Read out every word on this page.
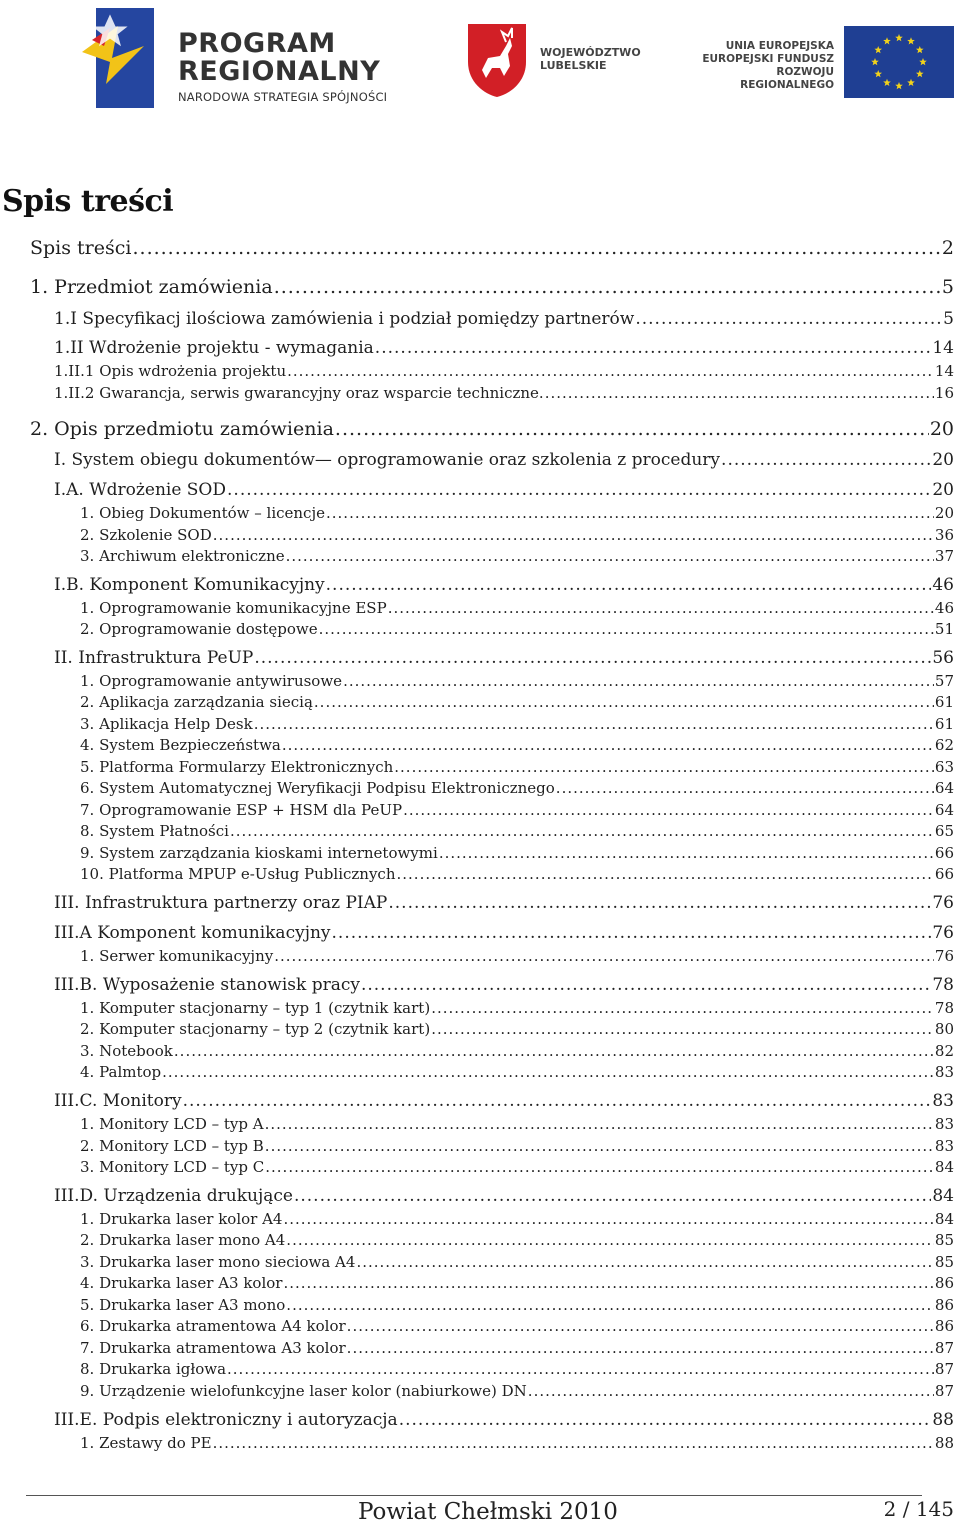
PROGRAM
REGIONALNY
NARODOWA STRATEGIA SPÓJNOŚCI
WOJEWÓDZTWO
LUBELSKIE
UNIA EUROPEJSKA
EUROPEJSKI FUNDUSZ
ROZWOJU REGIONALNEGO
Spis treści
Spis treści .....	2
1. Przedmiot zamówienia .....	5
1.I Specyfikacj ilościowa zamówienia i podział pomiędzy partnerów .....	5
1.II Wdrożenie projektu - wymagania .....	14
1.II.1 Opis wdrożenia projektu .....	14
1.II.2 Gwarancja, serwis gwarancyjny oraz wsparcie techniczne. .....	16
2. Opis przedmiotu zamówienia .....	20
I. System obiegu dokumentów— oprogramowanie oraz szkolenia z procedury .....	20
I.A. Wdrożenie SOD .....	20
1. Obieg Dokumentów – licencje .....	20
2. Szkolenie SOD .....	36
3. Archiwum elektroniczne .....	37
I.B. Komponent Komunikacyjny .....	46
1. Oprogramowanie komunikacyjne ESP .....	46
2. Oprogramowanie dostępowe .....	51
II. Infrastruktura PeUP .....	56
1. Oprogramowanie antywirusowe .....	57
2. Aplikacja zarządzania siecią .....	61
3. Aplikacja Help Desk .....	61
4. System Bezpieczeństwa .....	62
5. Platforma Formularzy Elektronicznych .....	63
6. System Automatycznej Weryfikacji Podpisu Elektronicznego .....	64
7. Oprogramowanie ESP + HSM dla PeUP .....	64
8. System Płatności .....	65
9. System zarządzania kioskami internetowymi .....	66
10. Platforma MPUP e-Usług Publicznych .....	66
III. Infrastruktura partnerzy oraz PIAP .....	76
III.A Komponent komunikacyjny .....	76
1. Serwer komunikacyjny .....	76
III.B. Wyposażenie stanowisk pracy .....	78
1. Komputer stacjonarny – typ 1 (czytnik kart) .....	78
2. Komputer stacjonarny – typ 2 (czytnik kart) .....	80
3. Notebook .....	82
4. Palmtop .....	83
III.C. Monitory .....	83
1. Monitory LCD – typ A .....	83
2. Monitory LCD – typ B .....	83
3. Monitory LCD – typ C .....	84
III.D. Urządzenia drukujące .....	84
1. Drukarka laser kolor A4 .....	84
2. Drukarka laser mono A4 .....	85
3. Drukarka laser mono sieciowa A4 .....	85
4. Drukarka laser A3 kolor .....	86
5. Drukarka laser A3 mono .....	86
6. Drukarka atramentowa A4 kolor .....	86
7. Drukarka atramentowa A3 kolor .....	87
8. Drukarka igłowa .....	87
9. Urządzenie wielofunkcyjne laser kolor (nabiurkowe) DN .....	87
III.E. Podpis elektroniczny i autoryzacja .....	88
1. Zestawy do PE .....	88
Powiat Chełmski 2010	2 / 145
